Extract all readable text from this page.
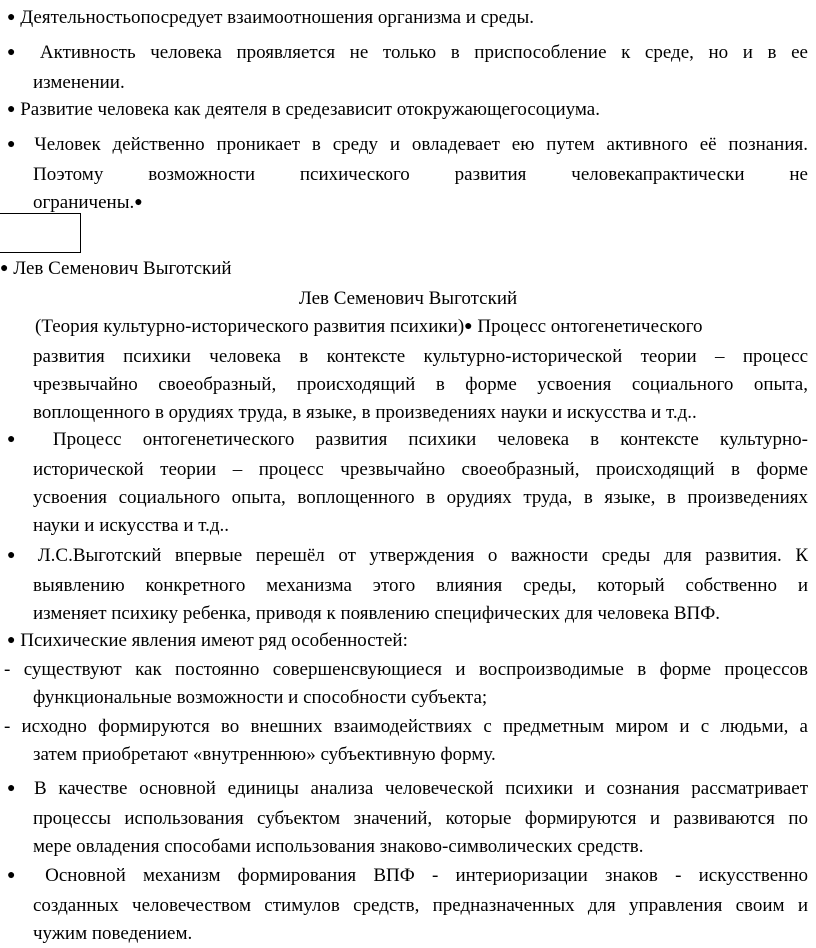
● Деятельностьопосредует взаимоотношения организма и среды.
● Активность человека проявляется не только в приспособление к среде, но и в ее
изменении.
● Развитие человека как деятеля в средезависит отокружающегосоциума.
● Человек действенно проникает в среду и овладевает ею путем активного её познания.
Поэтому возможности психического развития человекапрактически не
ограничены.●
● Лев Семенович Выготский
Лев Семенович Выготский
(Теория культурно-исторического развития психики)● Процесс онтогенетического
развития психики человека в контексте культурно-исторической теории – процесс
чрезвычайно своеобразный, происходящий в форме усвоения социального опыта,
воплощенного в орудиях труда, в языке, в произведениях науки и искусства и т.д..
● Процесс онтогенетического развития психики человека в контексте культурно-
исторической теории – процесс чрезвычайно своеобразный, происходящий в форме
усвоения социального опыта, воплощенного в орудиях труда, в языке, в произведениях
науки и искусства и т.д..
● Л.С.Выготский впервые перешёл от утверждения о важности среды для развития. К
выявлению конкретного механизма этого влияния среды, который собственно и
изменяет психику ребенка, приводя к появлению специфических для человека ВПФ.
● Психические явления имеют ряд особенностей:
- существуют как постоянно совершенсвующиеся и воспроизводимые в форме процессов
функциональные возможности и способности субъекта;
- исходно формируются во внешних взаимодействиях с предметным миром и с людьми, а
затем приобретают «внутреннюю» субъективную форму.
● В качестве основной единицы анализа человеческой психики и сознания рассматривает
процессы использования субъектом значений, которые формируются и развиваются по
мере овладения способами использования знаково-символических средств.
● Основной механизм формирования ВПФ - интериоризации знаков - искусственно
созданных человечеством стимулов средств, предназначенных для управления своим и
чужим поведением.
